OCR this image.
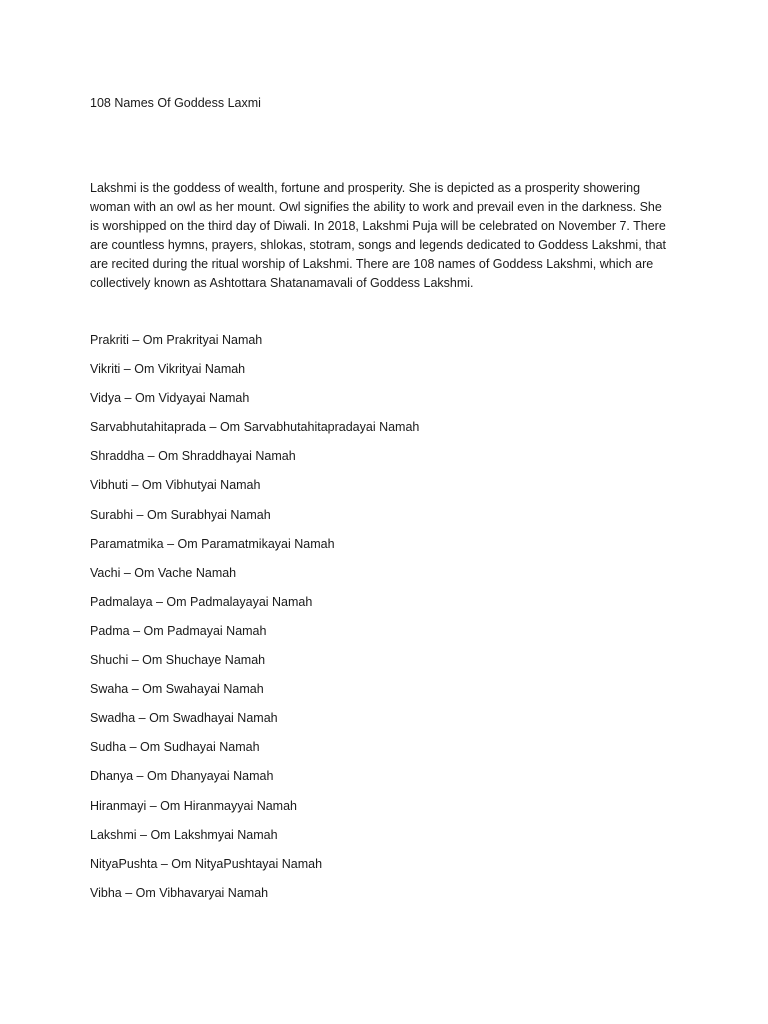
108 Names Of Goddess Laxmi
Lakshmi is the goddess of wealth, fortune and prosperity. She is depicted as a prosperity showering
woman with an owl as her mount. Owl signifies the ability to work and prevail even in the darkness. She
is worshipped on the third day of Diwali. In 2018, Lakshmi Puja will be celebrated on November 7. There
are countless hymns, prayers, shlokas, stotram, songs and legends dedicated to Goddess Lakshmi, that
are recited during the ritual worship of Lakshmi. There are 108 names of Goddess Lakshmi, which are
collectively known as Ashtottara Shatanamavali of Goddess Lakshmi.
Prakriti – Om Prakrityai Namah
Vikriti – Om Vikrityai Namah
Vidya – Om Vidyayai Namah
Sarvabhutahitaprada – Om Sarvabhutahitapradayai Namah
Shraddha – Om Shraddhayai Namah
Vibhuti – Om Vibhutyai Namah
Surabhi – Om Surabhyai Namah
Paramatmika – Om Paramatmikayai Namah
Vachi – Om Vache Namah
Padmalaya – Om Padmalayayai Namah
Padma – Om Padmayai Namah
Shuchi – Om Shuchaye Namah
Swaha – Om Swahayai Namah
Swadha – Om Swadhayai Namah
Sudha – Om Sudhayai Namah
Dhanya – Om Dhanyayai Namah
Hiranmayi – Om Hiranmayyai Namah
Lakshmi – Om Lakshmyai Namah
NityaPushta – Om NityaPushtayai Namah
Vibha – Om Vibhavaryai Namah
